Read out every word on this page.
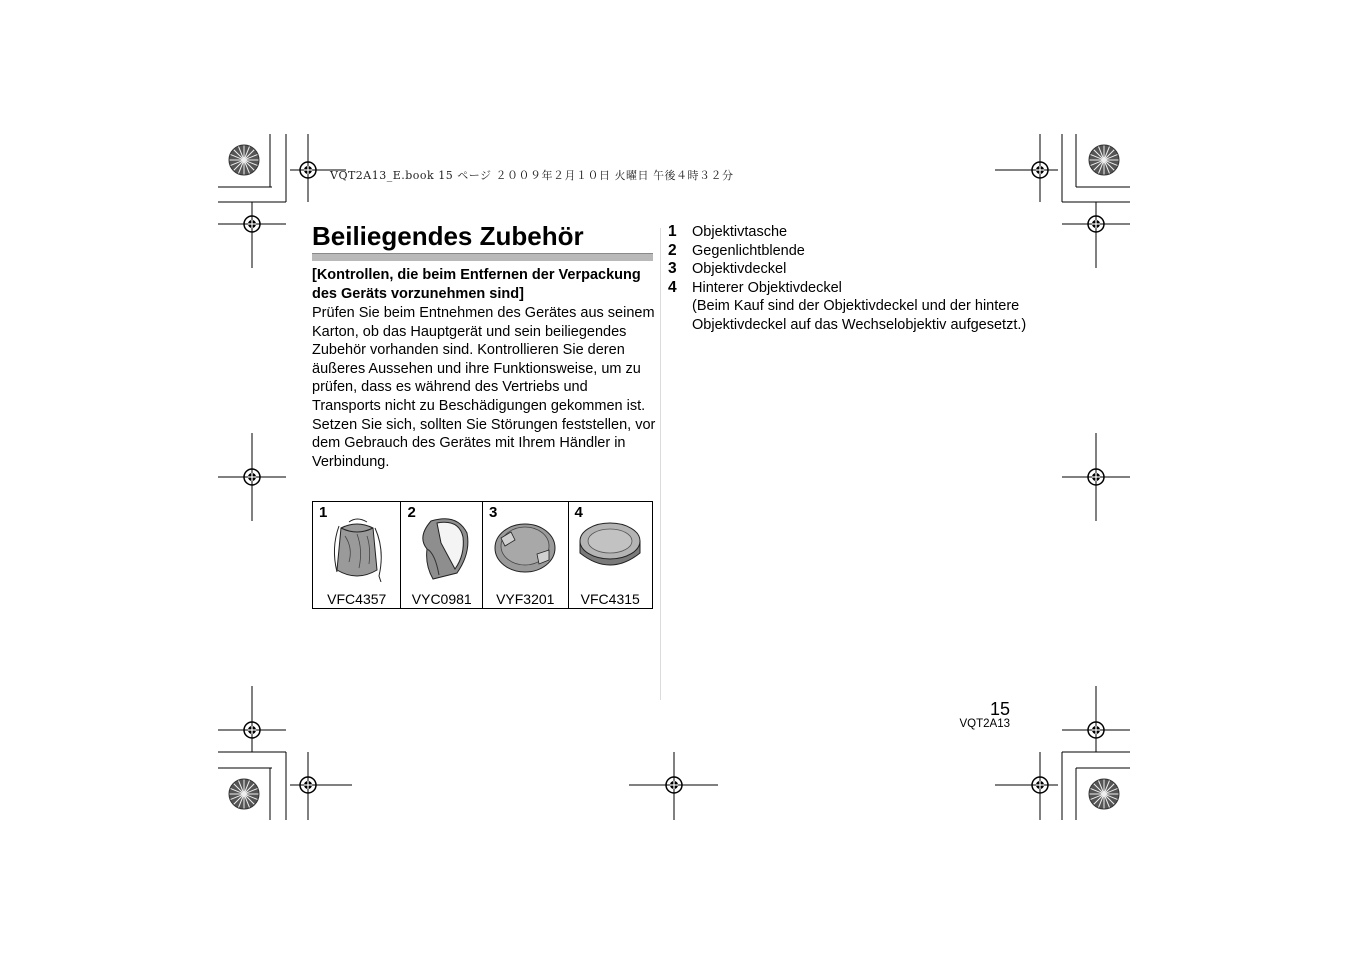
VQT2A13_E.book 15 ページ ２００９年２月１０日 火曜日 午後４時３２分
Beiliegendes Zubehör
[Kontrollen, die beim Entfernen der Verpackung des Geräts vorzunehmen sind]

Prüfen Sie beim Entnehmen des Gerätes aus seinem Karton, ob das Hauptgerät und sein beiliegendes Zubehör vorhanden sind. Kontrollieren Sie deren äußeres Aussehen und ihre Funktionsweise, um zu prüfen, dass es während des Vertriebs und Transports nicht zu Beschädigungen gekommen ist.

Setzen Sie sich, sollten Sie Störungen feststellen, vor dem Gebrauch des Gerätes mit Ihrem Händler in Verbindung.

1
VFC4357
2
VYC0981
3
VYF3201
4
VFC4315
1	Objektivtasche
2	Gegenlichtblende
3	Objektivdeckel
4	Hinterer Objektivdeckel
(Beim Kauf sind der Objektivdeckel und der hintere Objektivdeckel auf das Wechselobjektiv aufgesetzt.)
15
VQT2A13
